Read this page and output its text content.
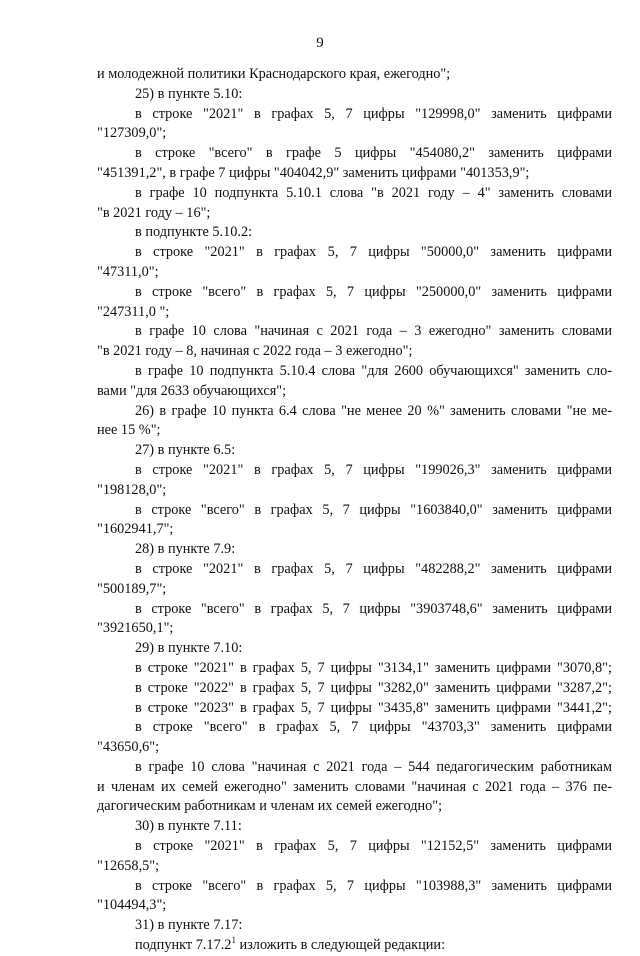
9
и молодежной политики Краснодарского края, ежегодно";
25) в пункте 5.10:
в строке "2021" в графах 5, 7 цифры "129998,0" заменить цифрами
"127309,0";
в строке "всего" в графе 5 цифры "454080,2" заменить цифрами
"451391,2", в графе 7 цифры "404042,9" заменить цифрами "401353,9";
в графе 10 подпункта 5.10.1 слова "в 2021 году – 4" заменить словами
"в 2021 году – 16";
в подпункте 5.10.2:
в строке "2021" в графах 5, 7 цифры "50000,0" заменить цифрами
"47311,0";
в строке "всего" в графах 5, 7 цифры "250000,0" заменить цифрами
"247311,0 ";
в графе 10 слова "начиная с 2021 года – 3 ежегодно" заменить словами
"в 2021 году – 8, начиная с 2022 года – 3 ежегодно";
в графе 10 подпункта 5.10.4 слова "для 2600 обучающихся" заменить сло-
вами "для 2633 обучающихся";
26) в графе 10 пункта 6.4 слова "не менее 20 %" заменить словами "не ме-
нее 15 %";
27) в пункте 6.5:
в строке "2021" в графах 5, 7 цифры "199026,3" заменить цифрами
"198128,0";
в строке "всего" в графах 5, 7 цифры "1603840,0" заменить цифрами
"1602941,7";
28) в пункте 7.9:
в строке "2021" в графах 5, 7 цифры "482288,2" заменить цифрами
"500189,7";
в строке "всего" в графах 5, 7 цифры "3903748,6" заменить цифрами
"3921650,1";
29) в пункте 7.10:
в строке "2021" в графах 5, 7 цифры "3134,1" заменить цифрами "3070,8";
в строке "2022" в графах 5, 7 цифры "3282,0" заменить цифрами "3287,2";
в строке "2023" в графах 5, 7 цифры "3435,8" заменить цифрами "3441,2";
в строке "всего" в графах 5, 7 цифры "43703,3" заменить цифрами
"43650,6";
в графе 10 слова "начиная с 2021 года – 544 педагогическим работникам
и членам их семей ежегодно" заменить словами "начиная с 2021 года – 376 пе-
дагогическим работникам и членам их семей ежегодно";
30) в пункте 7.11:
в строке "2021" в графах 5, 7 цифры "12152,5" заменить цифрами
"12658,5";
в строке "всего" в графах 5, 7 цифры "103988,3" заменить цифрами
"104494,3";
31) в пункте 7.17:
подпункт 7.17.2$^1$ изложить в следующей редакции:
